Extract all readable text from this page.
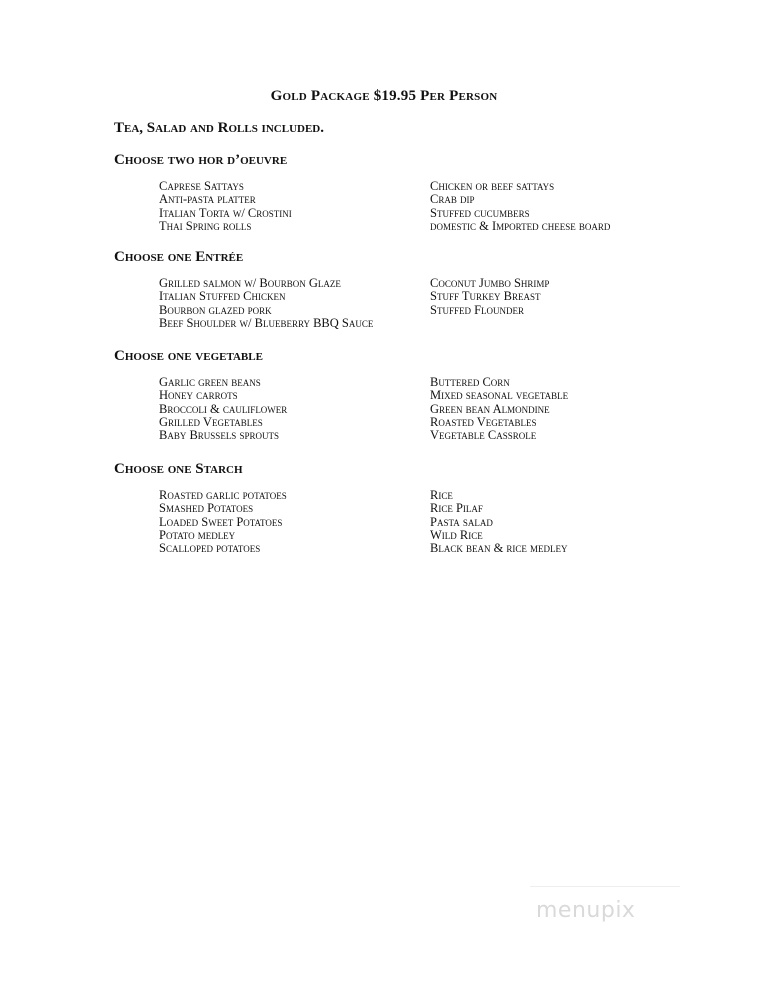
Gold Package $19.95 Per Person
Tea, Salad and Rolls included.
Choose two hor d’oeuvre
Caprese Sattays
Anti-pasta platter
Italian Torta w/ Crostini
Thai Spring rolls
Chicken or beef sattays
Crab dip
Stuffed cucumbers
domestic & Imported cheese board
Choose one Entrée
Grilled salmon w/ Bourbon Glaze
Italian Stuffed Chicken
Bourbon glazed pork
Beef Shoulder w/ Blueberry BBQ Sauce
Coconut Jumbo Shrimp
Stuff Turkey Breast
Stuffed Flounder
Choose one vegetable
Garlic green beans
Honey carrots
Broccoli & cauliflower
Grilled Vegetables
Baby Brussels sprouts
Buttered Corn
Mixed seasonal vegetable
Green bean Almondine
Roasted Vegetables
Vegetable Cassrole
Choose one Starch
Roasted garlic potatoes
Smashed Potatoes
Loaded Sweet Potatoes
Potato medley
Scalloped potatoes
Rice
Rice Pilaf
Pasta salad
Wild Rice
Black bean & rice medley
menupix
